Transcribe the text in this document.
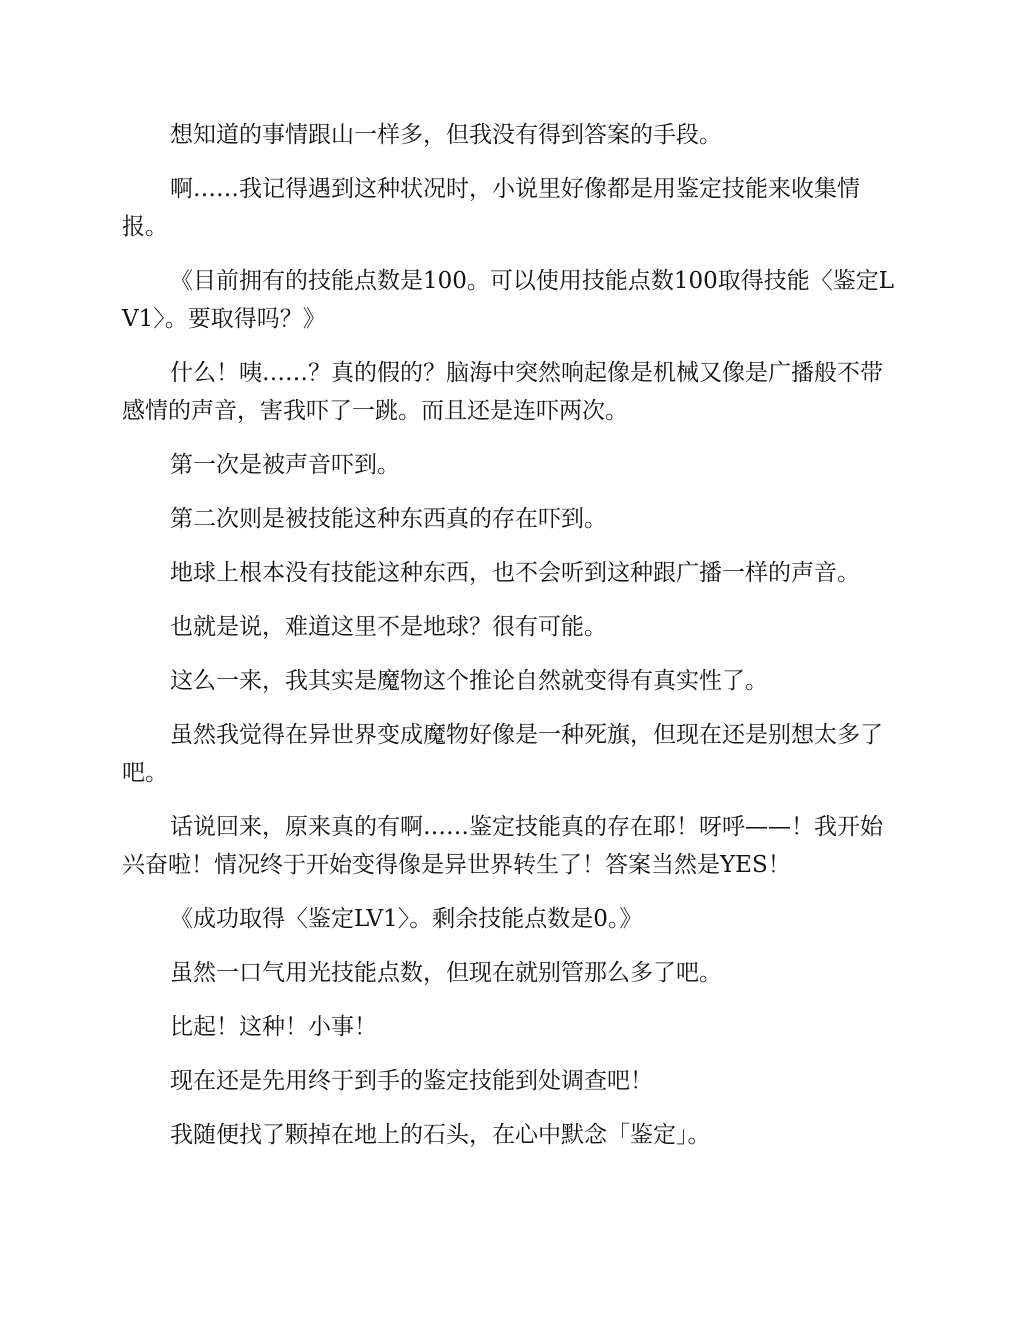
想知道的事情跟山一样多，但我没有得到答案的手段。

啊……我记得遇到这种状况时，小说里好像都是用鉴定技能来收集情报。

《目前拥有的技能点数是100。可以使用技能点数100取得技能〈鉴定LV1〉。要取得吗？》

什么！咦……？真的假的？脑海中突然响起像是机械又像是广播般不带感情的声音，害我吓了一跳。而且还是连吓两次。

第一次是被声音吓到。

第二次则是被技能这种东西真的存在吓到。

地球上根本没有技能这种东西，也不会听到这种跟广播一样的声音。

也就是说，难道这里不是地球？很有可能。

这么一来，我其实是魔物这个推论自然就变得有真实性了。

虽然我觉得在异世界变成魔物好像是一种死旗，但现在还是别想太多了吧。

话说回来，原来真的有啊……鉴定技能真的存在耶！呀呼——！我开始兴奋啦！情况终于开始变得像是异世界转生了！答案当然是YES！

《成功取得〈鉴定LV1〉。剩余技能点数是0。》

虽然一口气用光技能点数，但现在就别管那么多了吧。

比起！这种！小事！

现在还是先用终于到手的鉴定技能到处调查吧！

我随便找了颗掉在地上的石头，在心中默念「鉴定」。
